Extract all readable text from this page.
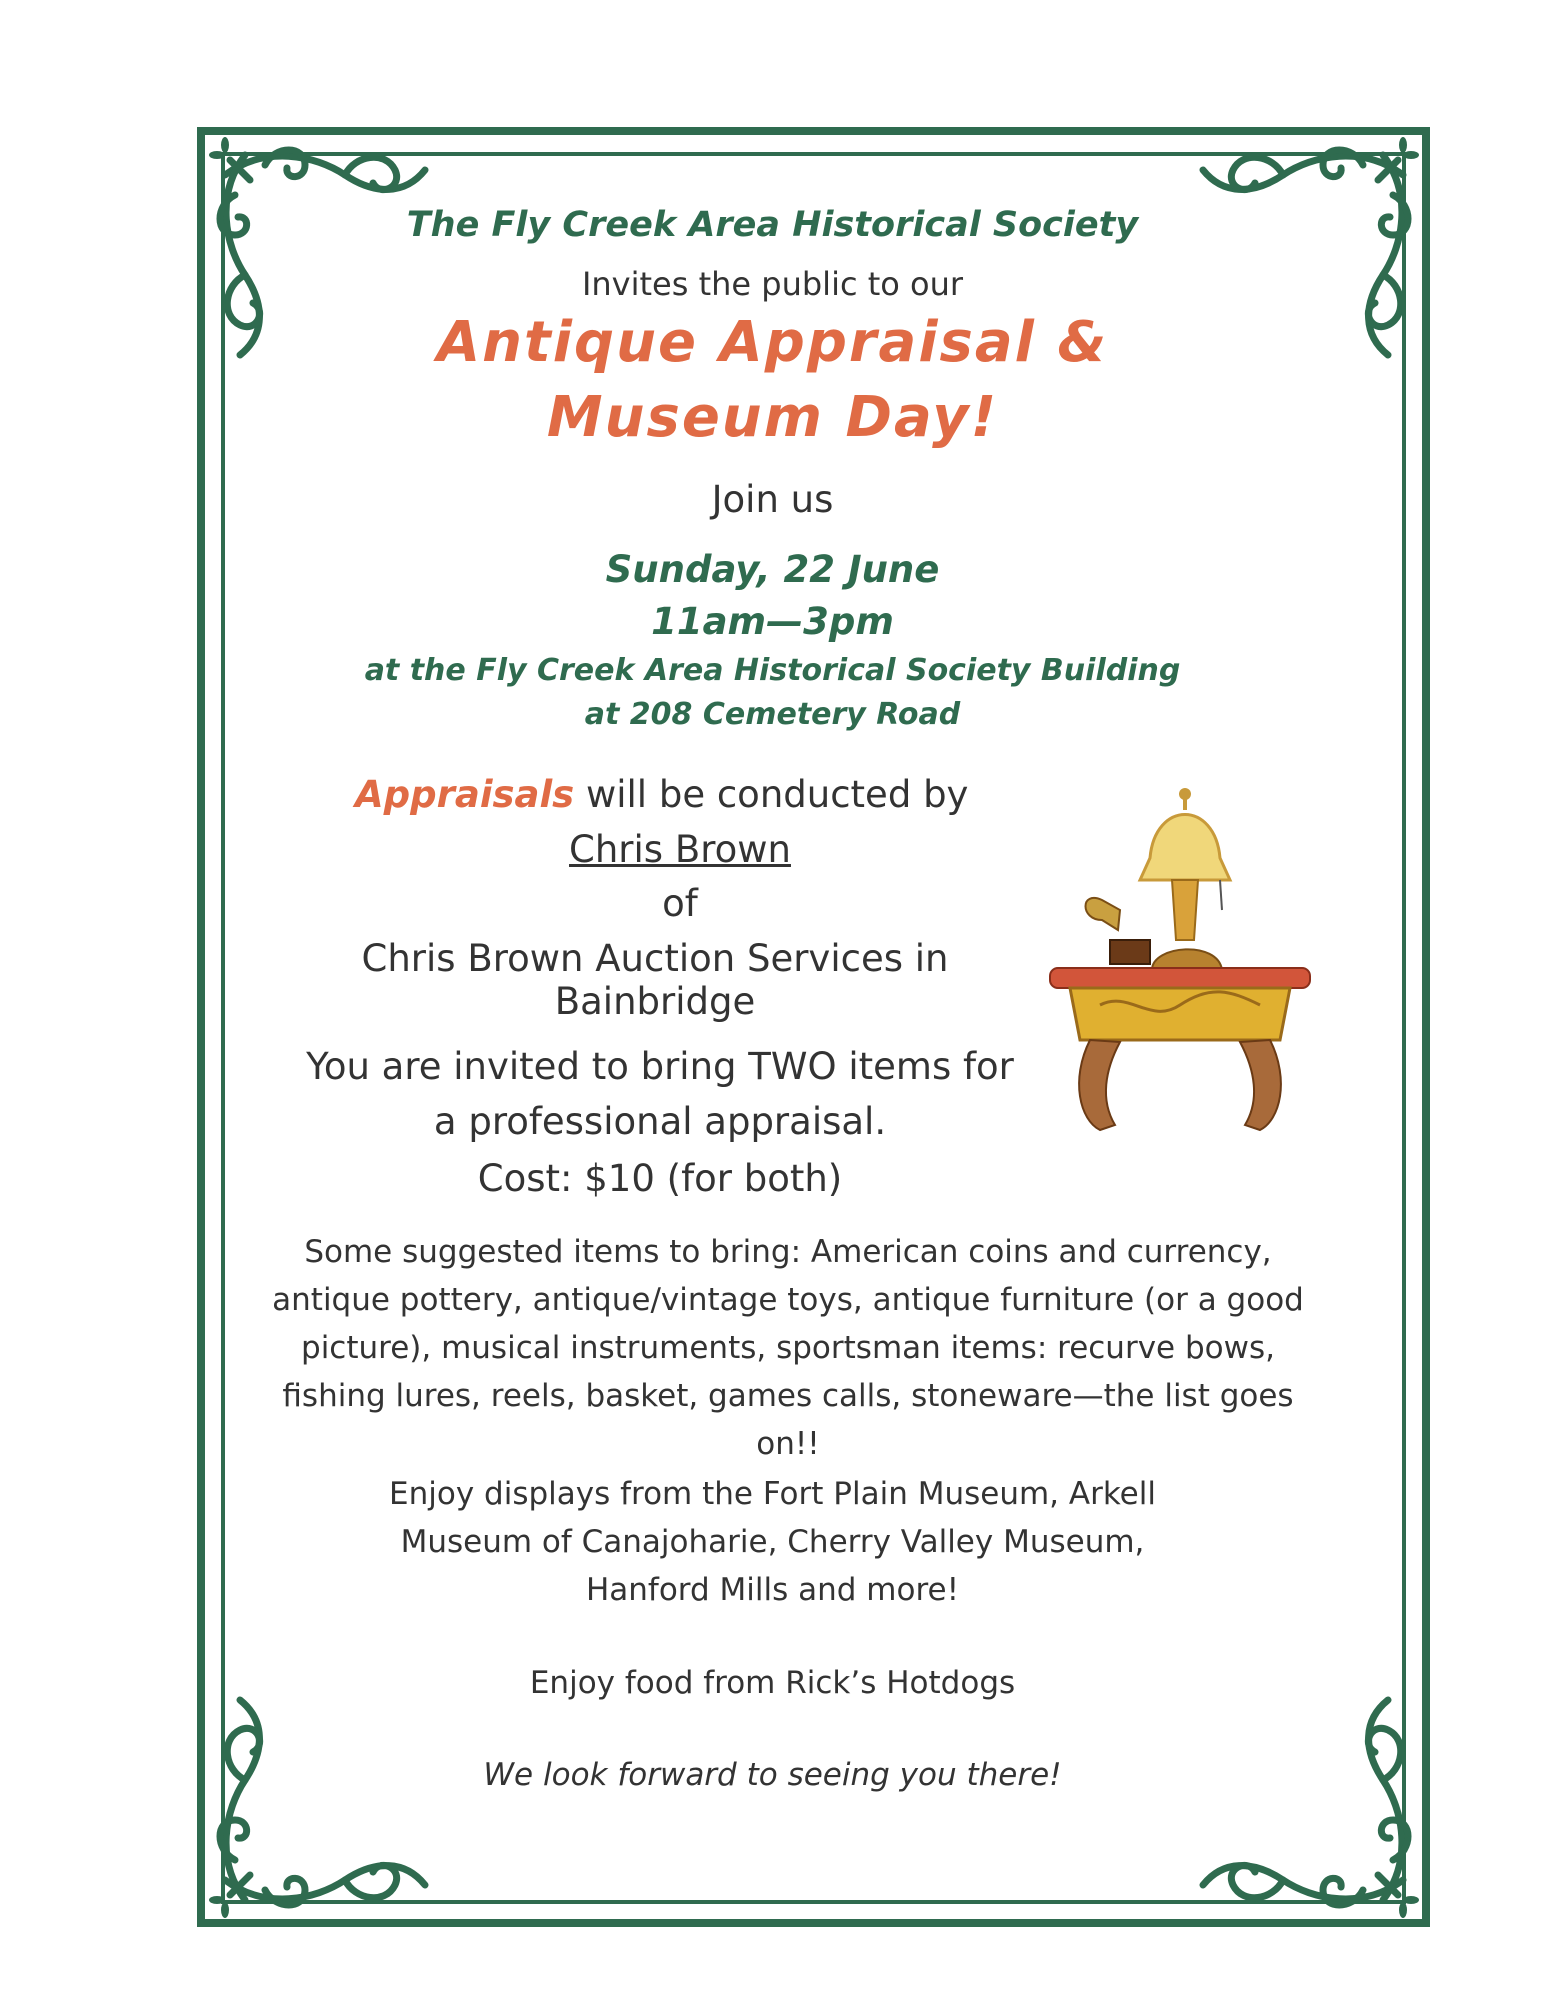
The Fly Creek Area Historical Society

Invites the public to our

Antique Appraisal &

Museum Day!

Join us

Sunday, 22 June

11am—3pm

at the Fly Creek Area Historical Society Building

at 208 Cemetery Road

Appraisals will be conducted by

Chris Brown

of

Chris Brown Auction Services in Bainbridge

You are invited to bring TWO items for

a professional appraisal.

Cost: $10 (for both)

Some suggested items to bring: American coins and currency, antique pottery, antique/vintage toys, antique furniture (or a good picture), musical instruments, sportsman items: recurve bows, fishing lures, reels, basket, games calls, stoneware—the list goes on!!

Enjoy displays from the Fort Plain Museum, Arkell Museum of Canajoharie, Cherry Valley Museum, Hanford Mills and more!

Enjoy food from Rick’s Hotdogs

We look forward to seeing you there!
